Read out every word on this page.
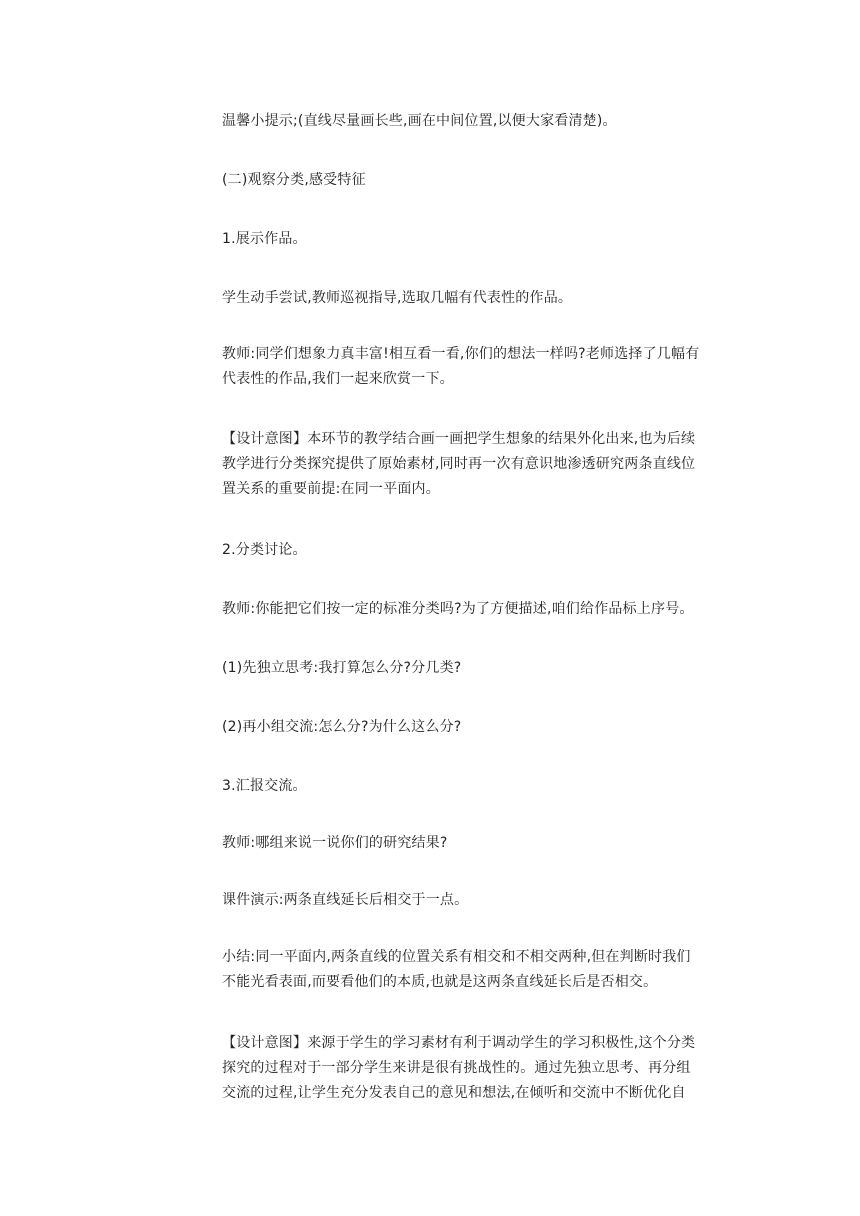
温馨小提示;(直线尽量画长些,画在中间位置,以便大家看清楚)。

(二)观察分类,感受特征

1.展示作品。

学生动手尝试,教师巡视指导,选取几幅有代表性的作品。

教师:同学们想象力真丰富!相互看一看,你们的想法一样吗?老师选择了几幅有
代表性的作品,我们一起来欣赏一下。

【设计意图】本环节的教学结合画一画把学生想象的结果外化出来,也为后续
教学进行分类探究提供了原始素材,同时再一次有意识地渗透研究两条直线位
置关系的重要前提:在同一平面内。

2.分类讨论。

教师:你能把它们按一定的标准分类吗?为了方便描述,咱们给作品标上序号。

(1)先独立思考:我打算怎么分?分几类?

(2)再小组交流:怎么分?为什么这么分?

3.汇报交流。

教师:哪组来说一说你们的研究结果?

课件演示:两条直线延长后相交于一点。

小结:同一平面内,两条直线的位置关系有相交和不相交两种,但在判断时我们
不能光看表面,而要看他们的本质,也就是这两条直线延长后是否相交。

【设计意图】来源于学生的学习素材有利于调动学生的学习积极性,这个分类
探究的过程对于一部分学生来讲是很有挑战性的。通过先独立思考、再分组
交流的过程,让学生充分发表自己的意见和想法,在倾听和交流中不断优化自
